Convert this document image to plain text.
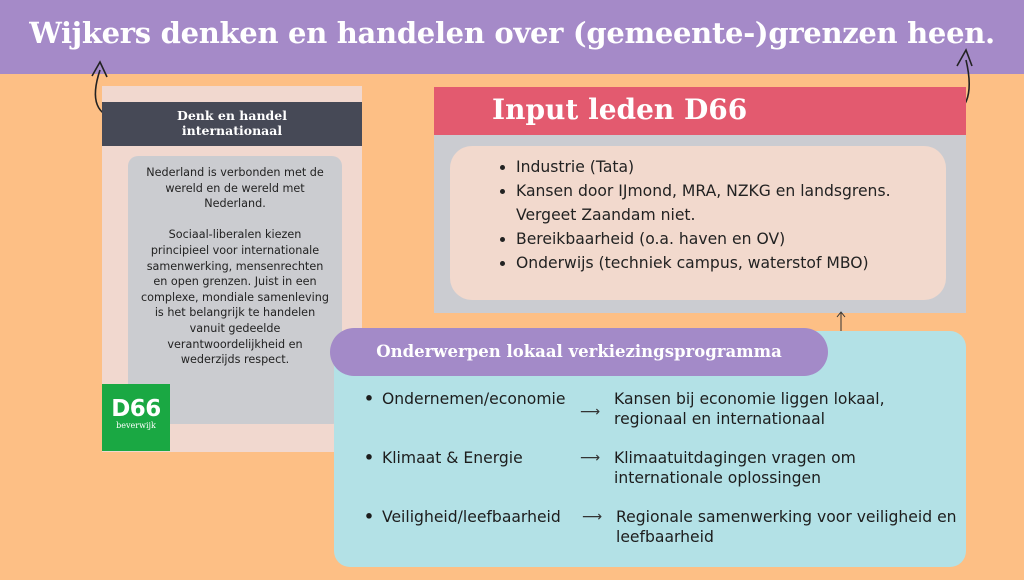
Wijkers denken en handelen over (gemeente-)grenzen heen.
Denk en handel
internationaal

Nederland is verbonden met de wereld en de wereld met Nederland.

Sociaal-liberalen kiezen principieel voor internationale samenwerking, mensenrechten en open grenzen. Juist in een complexe, mondiale samenleving is het belangrijk te handelen vanuit gedeelde verantwoordelijkheid en wederzijds respect.

D66
beverwijk
Input leden D66
• Industrie (Tata)
• Kansen door IJmond, MRA, NZKG en landsgrens. Vergeet Zaandam niet.
• Bereikbaarheid (o.a. haven en OV)
• Onderwijs (techniek campus, waterstof MBO)
Onderwerpen lokaal verkiezingsprogramma
• Ondernemen/economie
⟶
Kansen bij economie liggen lokaal, regionaal en internationaal
• Klimaat & Energie	⟶ Klimaatuitdagingen vragen om internationale oplossingen
• Veiligheid/leefbaarheid ⟶ Regionale samenwerking voor veiligheid en leefbaarheid
